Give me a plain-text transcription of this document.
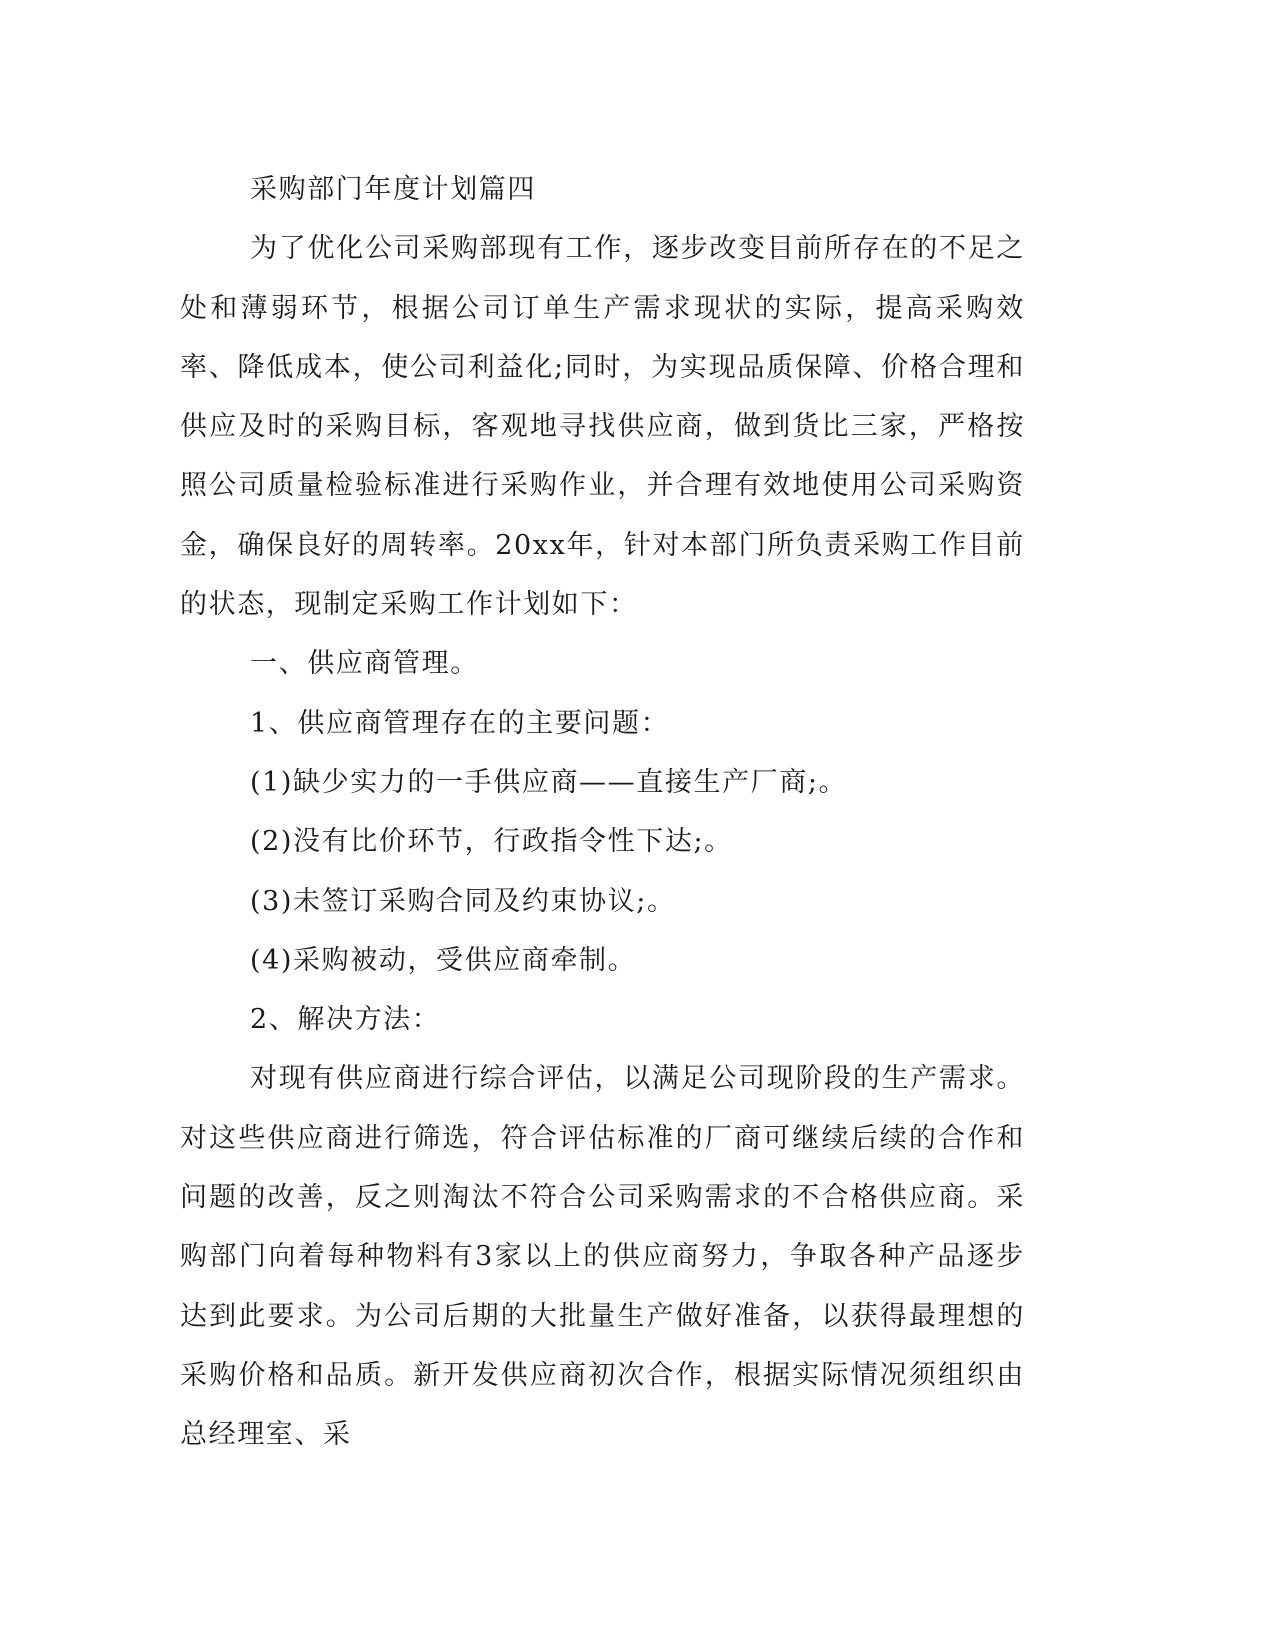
采购部门年度计划篇四

为了优化公司采购部现有工作，逐步改变目前所存在的不足之处和薄弱环节，根据公司订单生产需求现状的实际，提高采购效率、降低成本，使公司利益化;同时，为实现品质保障、价格合理和供应及时的采购目标，客观地寻找供应商，做到货比三家，严格按照公司质量检验标准进行采购作业，并合理有效地使用公司采购资金，确保良好的周转率。20xx年，针对本部门所负责采购工作目前的状态，现制定采购工作计划如下：

一、供应商管理。

1、供应商管理存在的主要问题：

(1)缺少实力的一手供应商——直接生产厂商;。

(2)没有比价环节，行政指令性下达;。

(3)未签订采购合同及约束协议;。

(4)采购被动，受供应商牵制。

2、解决方法：

对现有供应商进行综合评估，以满足公司现阶段的生产需求。对这些供应商进行筛选，符合评估标准的厂商可继续后续的合作和问题的改善，反之则淘汰不符合公司采购需求的不合格供应商。采购部门向着每种物料有3家以上的供应商努力，争取各种产品逐步达到此要求。为公司后期的大批量生产做好准备，以获得最理想的采购价格和品质。新开发供应商初次合作，根据实际情况须组织由总经理室、采
